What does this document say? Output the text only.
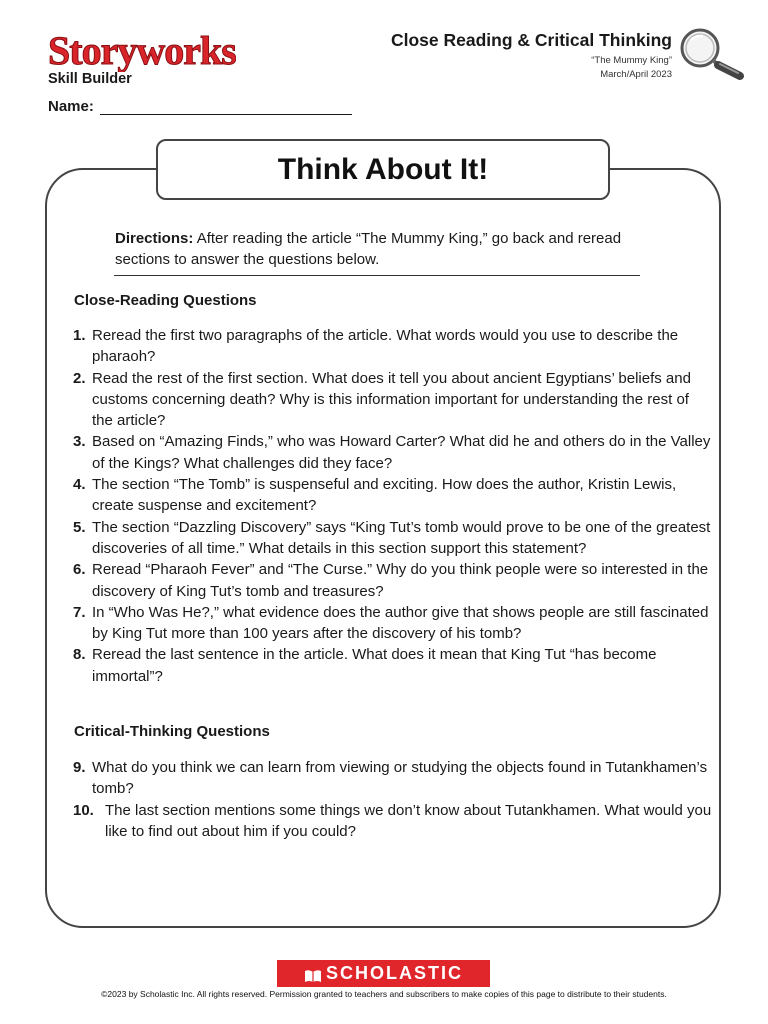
Storyworks
Skill Builder
Name:
Close Reading & Critical Thinking
“The Mummy King”
March/April 2023
Think About It!
Directions: After reading the article “The Mummy King,” go back and reread sections to answer the questions below.
Close-Reading Questions

1. Reread the first two paragraphs of the article. What words would you use to describe the pharaoh?

2. Read the rest of the first section. What does it tell you about ancient Egyptians’ beliefs and customs concerning death? Why is this information important for understanding the rest of the article?

3. Based on “Amazing Finds,” who was Howard Carter? What did he and others do in the Valley of the Kings? What challenges did they face?

4. The section “The Tomb” is suspenseful and exciting. How does the author, Kristin Lewis, create suspense and excitement?

5. The section “Dazzling Discovery” says “King Tut’s tomb would prove to be one of the greatest discoveries of all time.” What details in this section support this statement?

6. Reread “Pharaoh Fever” and “The Curse.” Why do you think people were so interested in the discovery of King Tut’s tomb and treasures?

7. In “Who Was He?,” what evidence does the author give that shows people are still fascinated by King Tut more than 100 years after the discovery of his tomb?

8. Reread the last sentence in the article. What does it mean that King Tut “has become immortal”?

Critical-Thinking Questions

9. What do you think we can learn from viewing or studying the objects found in Tutankhamen’s tomb?

10. The last section mentions some things we don’t know about Tutankhamen. What would you like to find out about him if you could?

SCHOLASTIC
©2023 by Scholastic Inc. All rights reserved. Permission granted to teachers and subscribers to make copies of this page to distribute to their students.
